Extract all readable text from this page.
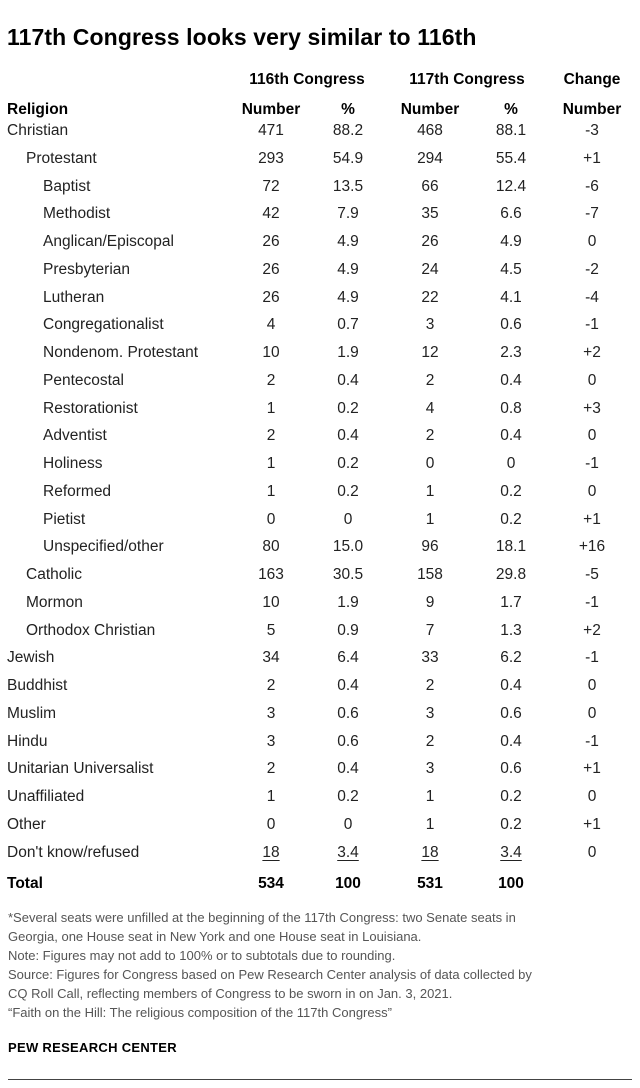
117th Congress looks very similar to 116th
116th Congress	117th Congress	Change
Religion	Number	%	Number	%	Number
Christian	471	88.2	468	88.1	-3
Protestant	293	54.9	294	55.4	+1
Baptist	72	13.5	66	12.4	-6
Methodist	42	7.9	35	6.6	-7
Anglican/Episcopal	26	4.9	26	4.9	0
Presbyterian	26	4.9	24	4.5	-2
Lutheran	26	4.9	22	4.1	-4
Congregationalist	4	0.7	3	0.6	-1
Nondenom. Protestant	10	1.9	12	2.3	+2
Pentecostal	2	0.4	2	0.4	0
Restorationist	1	0.2	4	0.8	+3
Adventist	2	0.4	2	0.4	0
Holiness	1	0.2	0	0	-1
Reformed	1	0.2	1	0.2	0
Pietist	0	0	1	0.2	+1
Unspecified/other	80	15.0	96	18.1	+16
Catholic	163	30.5	158	29.8	-5
Mormon	10	1.9	9	1.7	-1
Orthodox Christian	5	0.9	7	1.3	+2
Jewish	34	6.4	33	6.2	-1
Buddhist	2	0.4	2	0.4	0
Muslim	3	0.6	3	0.6	0
Hindu	3	0.6	2	0.4	-1
Unitarian Universalist	2	0.4	3	0.6	+1
Unaffiliated	1	0.2	1	0.2	0
Other	0	0	1	0.2	+1
Don't know/refused	18	3.4	18	3.4	0
Total	534	100	531	100
*Several seats were unfilled at the beginning of the 117th Congress: two Senate seats in
Georgia, one House seat in New York and one House seat in Louisiana.
Note: Figures may not add to 100% or to subtotals due to rounding.
Source: Figures for Congress based on Pew Research Center analysis of data collected by
CQ Roll Call, reflecting members of Congress to be sworn in on Jan. 3, 2021.
“Faith on the Hill: The religious composition of the 117th Congress”
PEW RESEARCH CENTER
